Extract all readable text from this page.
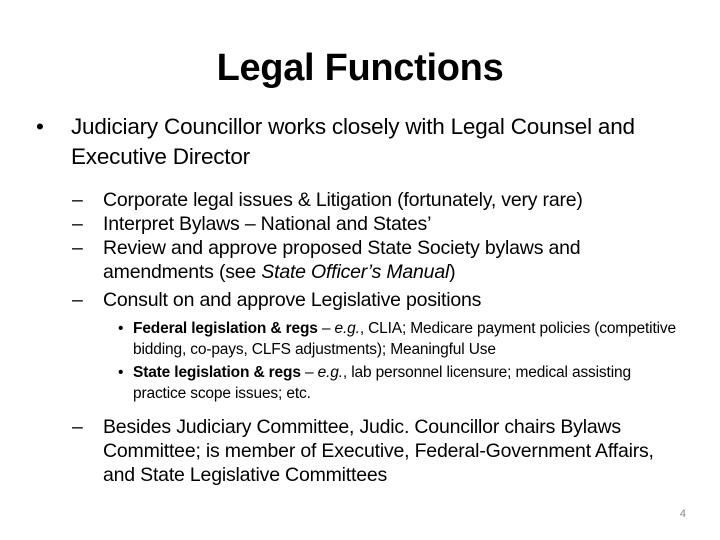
Legal Functions
• Judiciary Councillor works closely with Legal Counsel and Executive Director
– Corporate legal issues & Litigation (fortunately, very rare)
– Interpret Bylaws – National and States’
– Review and approve proposed State Society bylaws and amendments (see State Officer’s Manual)
– Consult on and approve Legislative positions
• Federal legislation & regs – e.g., CLIA; Medicare payment policies (competitive bidding, co-pays, CLFS adjustments); Meaningful Use
• State legislation & regs – e.g., lab personnel licensure; medical assisting practice scope issues; etc.
– Besides Judiciary Committee, Judic. Councillor chairs Bylaws Committee; is member of Executive, Federal-Government Affairs, and State Legislative Committees
4
